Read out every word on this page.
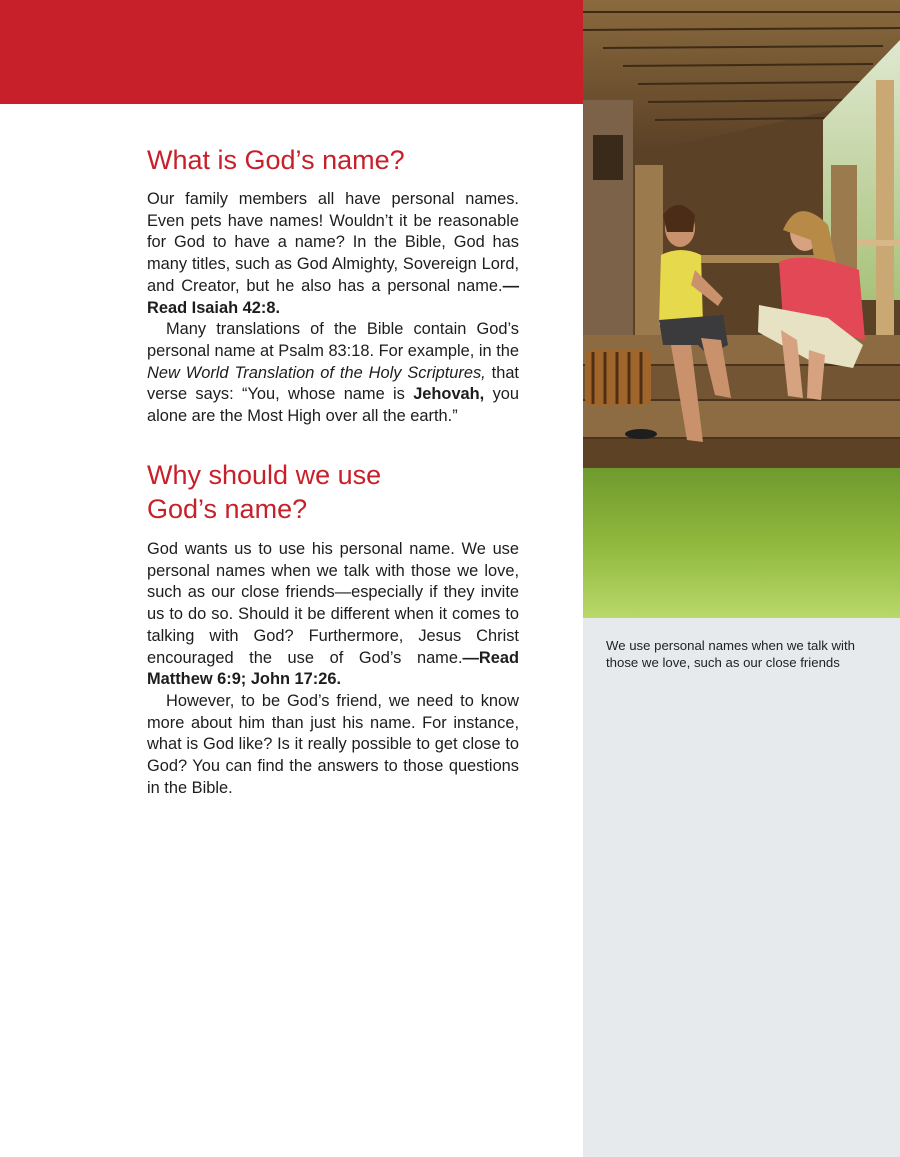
We use personal names when we talk with those we love, such as our close friends
What is God’s name?

Our family members all have personal names. Even pets have names! Wouldn’t it be reasonable for God to have a name? In the Bible, God has many titles, such as God Almighty, Sovereign Lord, and Creator, but he also has a personal name.—Read Isaiah 42:8.

Many translations of the Bible contain God’s personal name at Psalm 83:18. For example, in the New World Translation of the Holy Scriptures, that verse says: “You, whose name is Jehovah, you alone are the Most High over all the earth.”

Why should we use
God’s name?

God wants us to use his personal name. We use personal names when we talk with those we love, such as our close friends—especially if they invite us to do so. Should it be different when it comes to talking with God? Furthermore, Jesus Christ encouraged the use of God’s name.—Read Matthew 6:9; John 17:26.

However, to be God’s friend, we need to know more about him than just his name. For instance, what is God like? Is it really possible to get close to God? You can find the answers to those questions in the Bible.
